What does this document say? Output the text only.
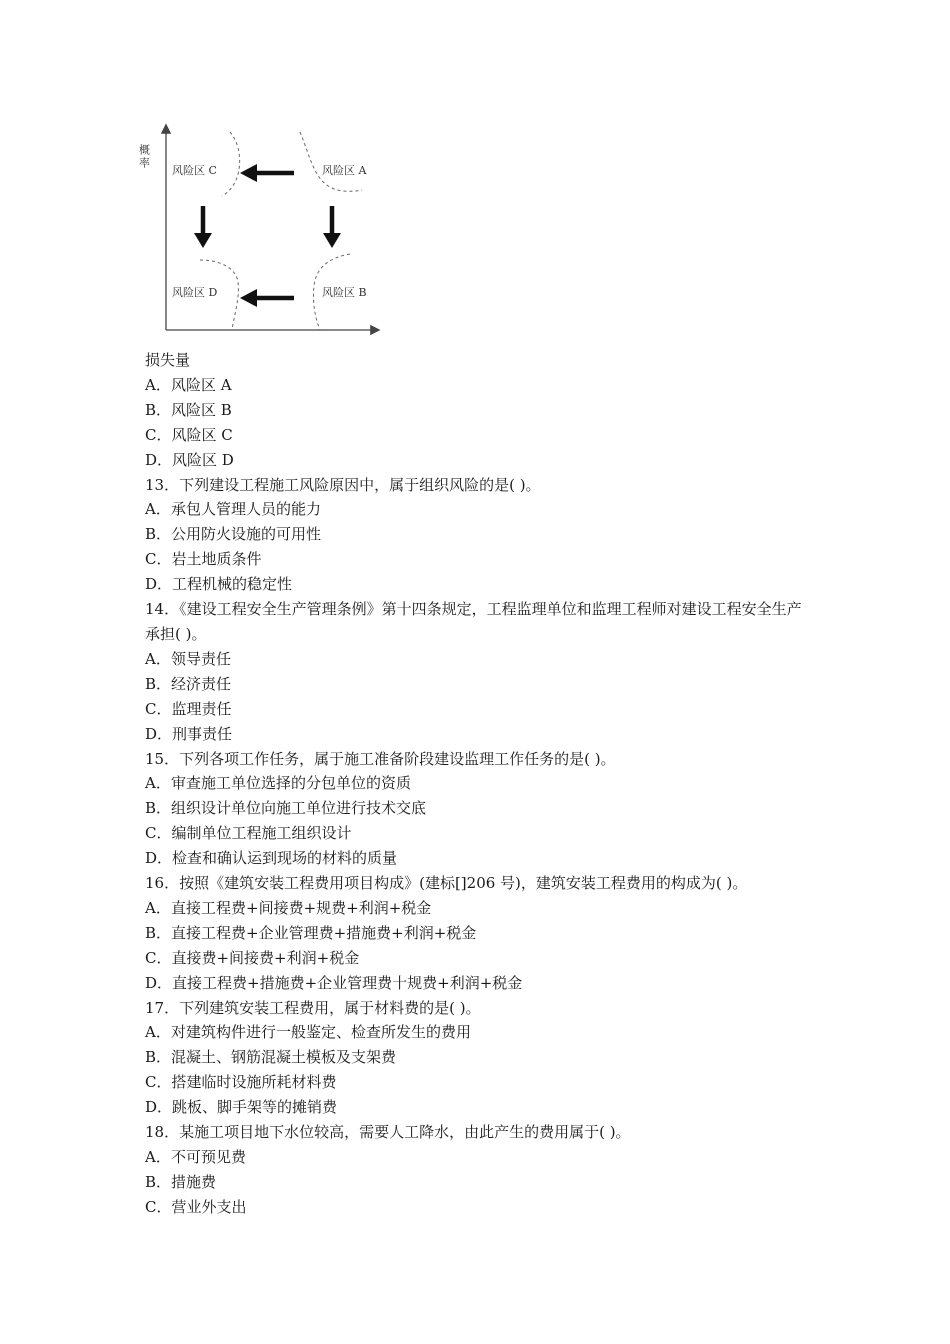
概率
风险区 C	风险区 A
风险区 D	风险区 B

损失量

A．风险区 A

B．风险区 B

C．风险区 C

D．风险区 D

13．下列建设工程施工风险原因中，属于组织风险的是( )。

A．承包人管理人员的能力

B．公用防火设施的可用性

C．岩土地质条件

D．工程机械的稳定性

14．《建设工程安全生产管理条例》第十四条规定，工程监理单位和监理工程师对建设工程安全生产承担( )。

A．领导责任

B．经济责任

C．监理责任

D．刑事责任

15．下列各项工作任务，属于施工准备阶段建设监理工作任务的是( )。

A．审查施工单位选择的分包单位的资质

B．组织设计单位向施工单位进行技术交底

C．编制单位工程施工组织设计

D．检查和确认运到现场的材料的质量

16．按照《建筑安装工程费用项目构成》(建标[]206 号)，建筑安装工程费用的构成为( )。

A．直接工程费+间接费+规费+利润+税金

B．直接工程费+企业管理费+措施费+利润+税金

C．直接费+间接费+利润+税金

D．直接工程费+措施费+企业管理费十规费+利润+税金

17．下列建筑安装工程费用，属于材料费的是( )。

A．对建筑构件进行一般鉴定、检查所发生的费用

B．混凝土、钢筋混凝土模板及支架费

C．搭建临时设施所耗材料费

D．跳板、脚手架等的摊销费

18．某施工项目地下水位较高，需要人工降水，由此产生的费用属于( )。

A．不可预见费

B．措施费

C．营业外支出
